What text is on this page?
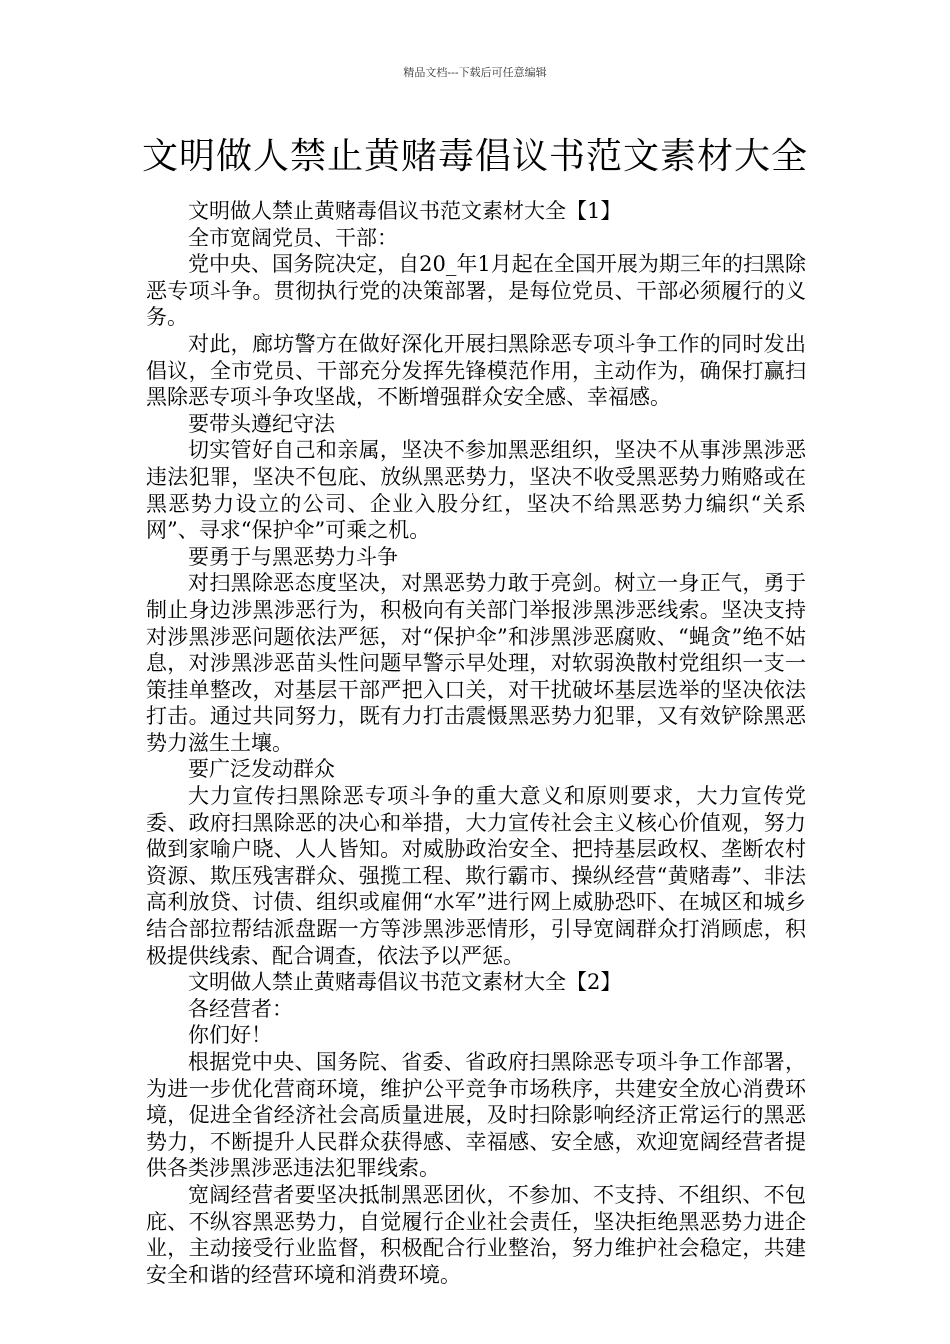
精品文档---下载后可任意编辑
文明做人禁止黄赌毒倡议书范文素材大全

文明做人禁止黄赌毒倡议书范文素材大全【1】

全市宽阔党员、干部：

党中央、国务院决定，自20_年1月起在全国开展为期三年的扫黑除恶专项斗争。贯彻执行党的决策部署，是每位党员、干部必须履行的义务。

对此，廊坊警方在做好深化开展扫黑除恶专项斗争工作的同时发出倡议，全市党员、干部充分发挥先锋模范作用，主动作为，确保打赢扫黑除恶专项斗争攻坚战，不断增强群众安全感、幸福感。

要带头遵纪守法

切实管好自己和亲属，坚决不参加黑恶组织，坚决不从事涉黑涉恶违法犯罪，坚决不包庇、放纵黑恶势力，坚决不收受黑恶势力贿赂或在黑恶势力设立的公司、企业入股分红，坚决不给黑恶势力编织“关系网”、寻求“保护伞”可乘之机。

要勇于与黑恶势力斗争

对扫黑除恶态度坚决，对黑恶势力敢于亮剑。树立一身正气，勇于制止身边涉黑涉恶行为，积极向有关部门举报涉黑涉恶线索。坚决支持对涉黑涉恶问题依法严惩，对“保护伞”和涉黑涉恶腐败、“蝇贪”绝不姑息，对涉黑涉恶苗头性问题早警示早处理，对软弱涣散村党组织一支一策挂单整改，对基层干部严把入口关，对干扰破坏基层选举的坚决依法打击。通过共同努力，既有力打击震慑黑恶势力犯罪，又有效铲除黑恶势力滋生土壤。

要广泛发动群众

大力宣传扫黑除恶专项斗争的重大意义和原则要求，大力宣传党委、政府扫黑除恶的决心和举措，大力宣传社会主义核心价值观，努力做到家喻户晓、人人皆知。对威胁政治安全、把持基层政权、垄断农村资源、欺压残害群众、强揽工程、欺行霸市、操纵经营“黄赌毒”、非法高利放贷、讨债、组织或雇佣“水军”进行网上威胁恐吓、在城区和城乡结合部拉帮结派盘踞一方等涉黑涉恶情形，引导宽阔群众打消顾虑，积极提供线索、配合调查，依法予以严惩。

文明做人禁止黄赌毒倡议书范文素材大全【2】

各经营者：

你们好！

根据党中央、国务院、省委、省政府扫黑除恶专项斗争工作部署，为进一步优化营商环境，维护公平竞争市场秩序，共建安全放心消费环境，促进全省经济社会高质量进展，及时扫除影响经济正常运行的黑恶势力，不断提升人民群众获得感、幸福感、安全感，欢迎宽阔经营者提供各类涉黑涉恶违法犯罪线索。

宽阔经营者要坚决抵制黑恶团伙，不参加、不支持、不组织、不包庇、不纵容黑恶势力，自觉履行企业社会责任，坚决拒绝黑恶势力进企业，主动接受行业监督，积极配合行业整治，努力维护社会稳定，共建安全和谐的经营环境和消费环境。
